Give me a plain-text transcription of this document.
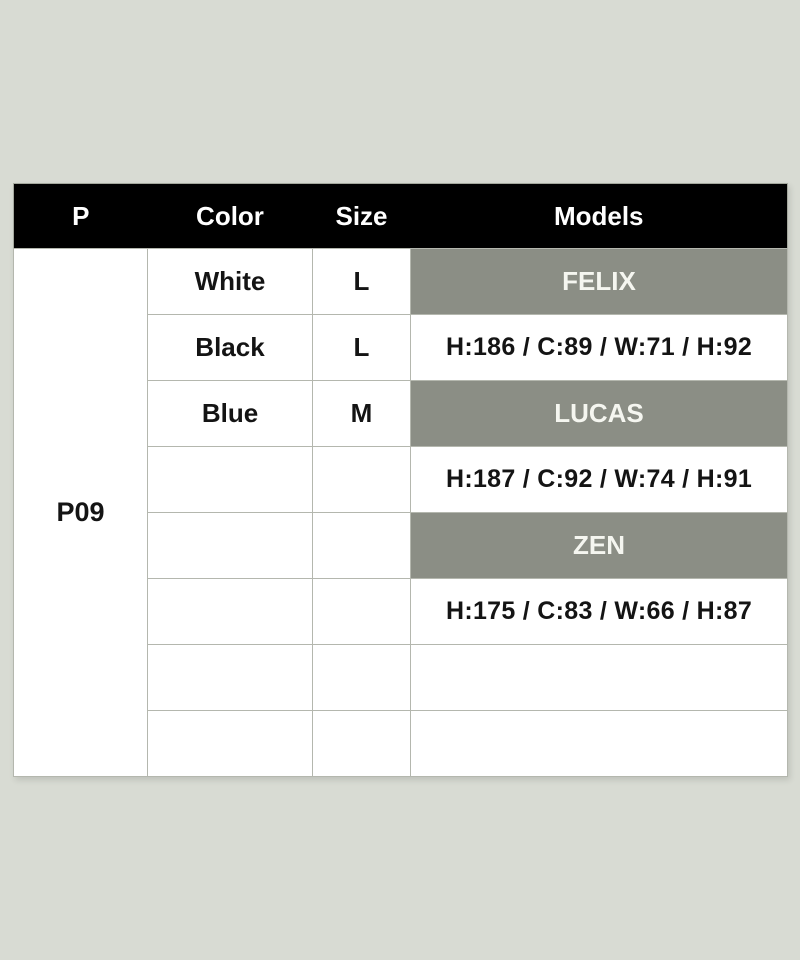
P	Color	Size	Models
P09	White	L	FELIX
	Black	L	H:186 / C:89 / W:71 / H:92
	Blue	M	LUCAS
			H:187 / C:92 / W:74 / H:91
			ZEN
			H:175 / C:83 / W:66 / H:87
